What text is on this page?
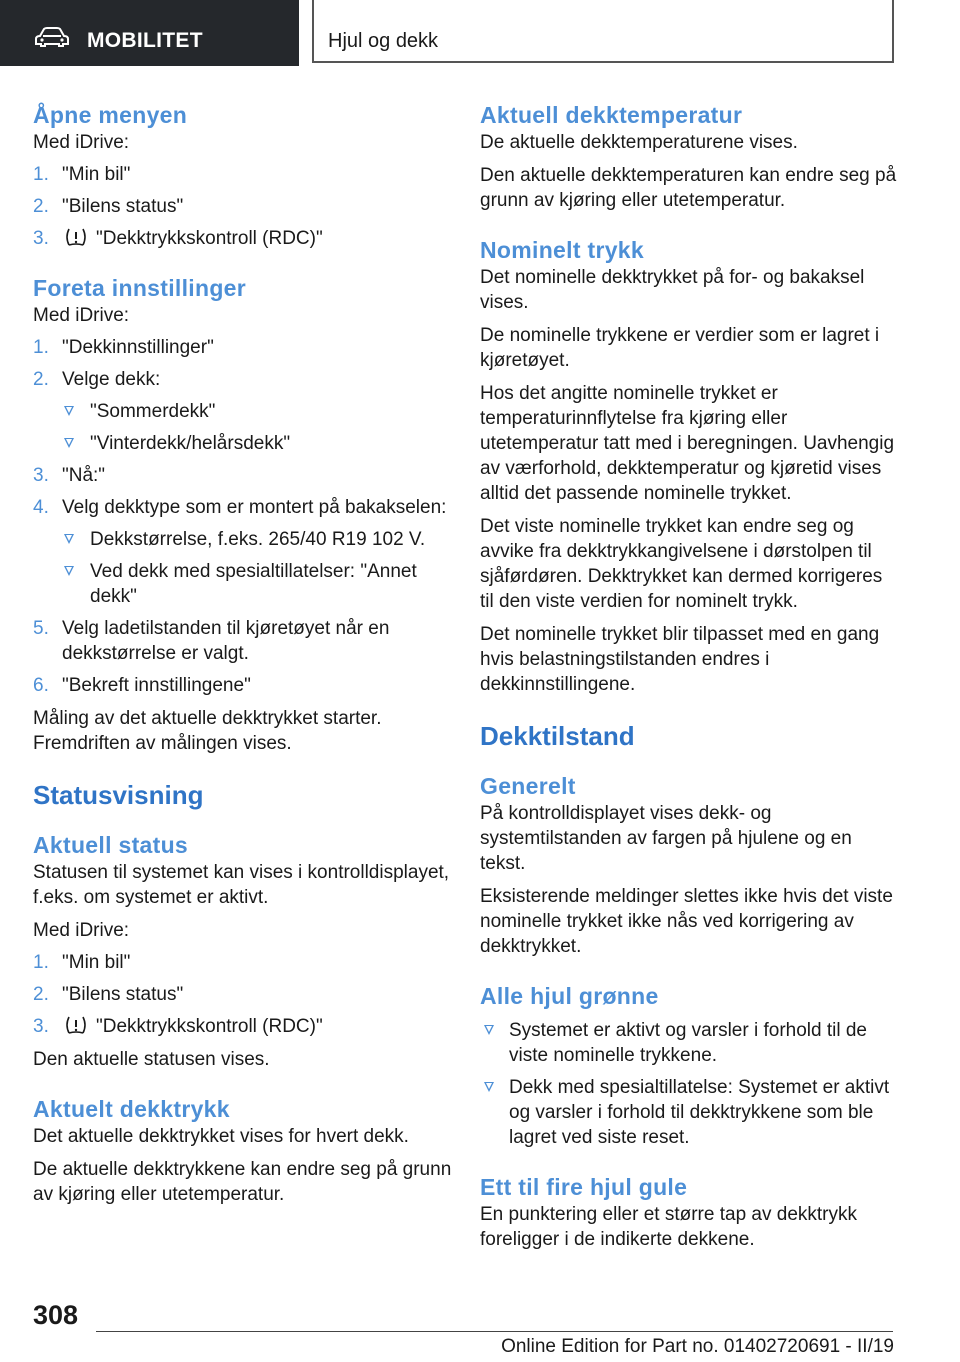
MOBILITET	Hjul og dekk
Åpne menyen

Med iDrive:

1. "Min bil"
2. "Bilens status"
3. "Dekktrykkskontroll (RDC)"
Foreta innstillinger

Med iDrive:

1. "Dekkinnstillinger"
2. Velge dekk:
"Sommerdekk"
"Vinterdekk/helårsdekk"
3. "Nå:"
4. Velg dekktype som er montert på bakakselen:
Dekkstørrelse, f.eks. 265/40 R19 102 V.
Ved dekk med spesialtillatelser: "Annet dekk"
5. Velg ladetilstanden til kjøretøyet når en dekkstørrelse er valgt.
6. "Bekreft innstillingene"

Måling av det aktuelle dekktrykket starter. Fremdriften av målingen vises.

Statusvisning
Aktuell status

Statusen til systemet kan vises i kontrolldisplayet, f.eks. om systemet er aktivt.

Med iDrive:

1. "Min bil"
2. "Bilens status"
3. "Dekktrykkskontroll (RDC)"

Den aktuelle statusen vises.

Aktuelt dekktrykk

Det aktuelle dekktrykket vises for hvert dekk.

De aktuelle dekktrykkene kan endre seg på grunn av kjøring eller utetemperatur.

Aktuell dekktemperatur

De aktuelle dekktemperaturene vises.

Den aktuelle dekktemperaturen kan endre seg på grunn av kjøring eller utetemperatur.

Nominelt trykk

Det nominelle dekktrykket på for- og bakaksel vises.

De nominelle trykkene er verdier som er lagret i kjøretøyet.

Hos det angitte nominelle trykket er temperaturinnflytelse fra kjøring eller utetemperatur tatt med i beregningen. Uavhengig av værforhold, dekktemperatur og kjøretid vises alltid det passende nominelle trykket.

Det viste nominelle trykket kan endre seg og avvike fra dekktrykkangivelsene i dørstolpen til sjåførdøren. Dekktrykket kan dermed korrigeres til den viste verdien for nominelt trykk.

Det nominelle trykket blir tilpasset med en gang hvis belastningstilstanden endres i dekkinnstillingene.

Dekktilstand
Generelt

På kontrolldisplayet vises dekk- og systemtilstanden av fargen på hjulene og en tekst.

Eksisterende meldinger slettes ikke hvis det viste nominelle trykket ikke nås ved korrigering av dekktrykket.

Alle hjul grønne
Systemet er aktivt og varsler i forhold til de viste nominelle trykkene.
Dekk med spesialtillatelse: Systemet er aktivt og varsler i forhold til dekktrykkene som ble lagret ved siste reset.
Ett til fire hjul gule

En punktering eller et større tap av dekktrykk foreligger i de indikerte dekkene.

308
Online Edition for Part no. 01402720691 - II/19
